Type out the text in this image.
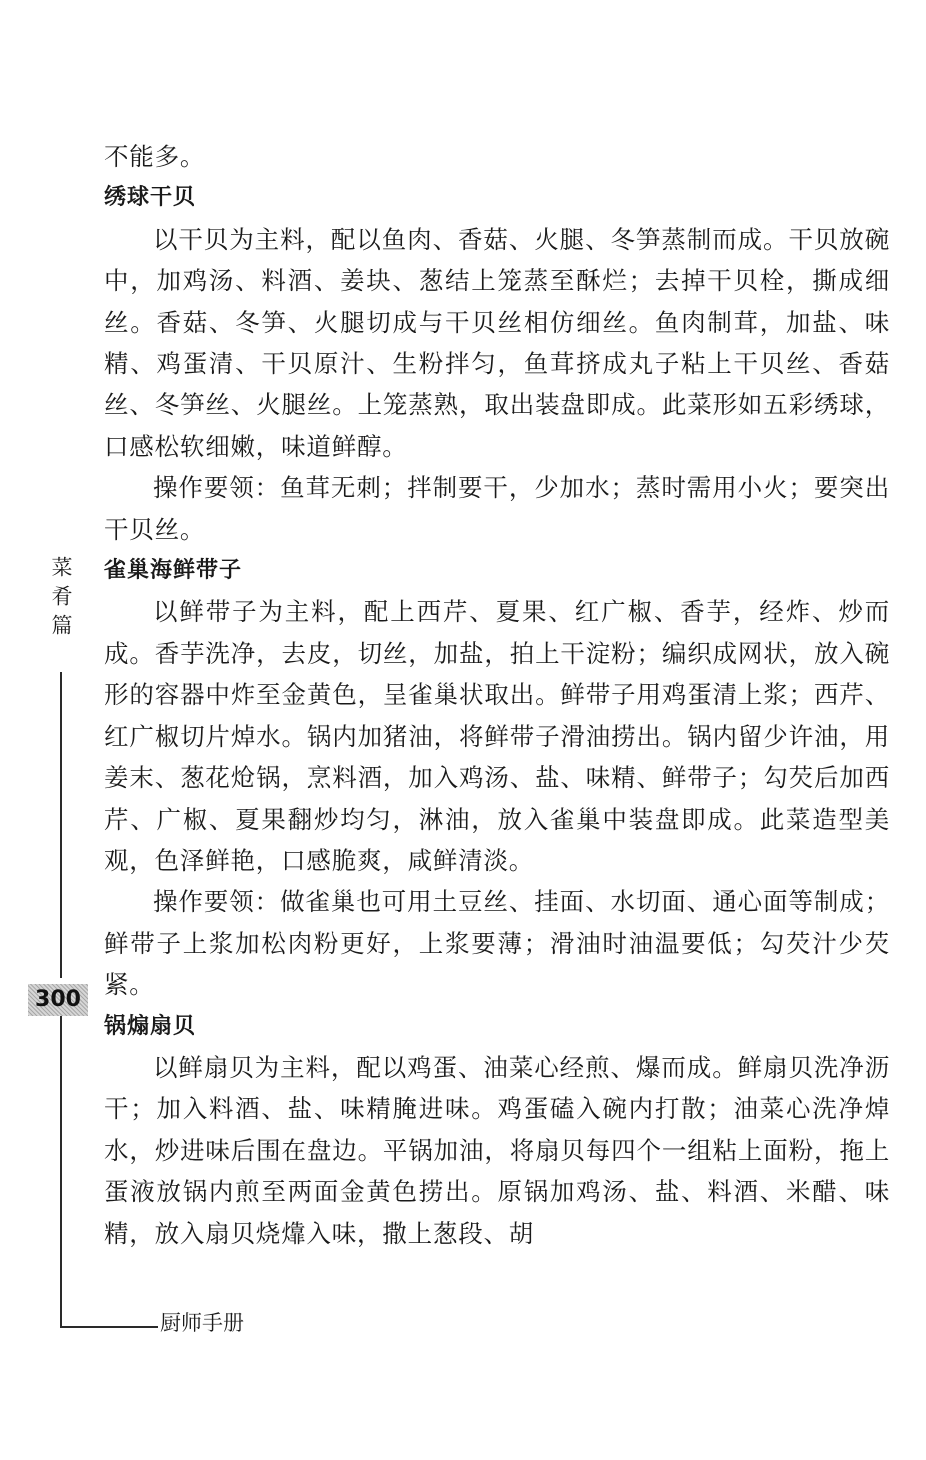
不能多。

绣球干贝

以干贝为主料，配以鱼肉、香菇、火腿、冬笋蒸制而成。干贝放碗中，加鸡汤、料酒、姜块、葱结上笼蒸至酥烂；去掉干贝栓，撕成细丝。香菇、冬笋、火腿切成与干贝丝相仿细丝。鱼肉制茸，加盐、味精、鸡蛋清、干贝原汁、生粉拌匀，鱼茸挤成丸子粘上干贝丝、香菇丝、冬笋丝、火腿丝。上笼蒸熟，取出装盘即成。此菜形如五彩绣球，口感松软细嫩，味道鲜醇。

操作要领：鱼茸无刺；拌制要干，少加水；蒸时需用小火；要突出干贝丝。

雀巢海鲜带子

以鲜带子为主料，配上西芹、夏果、红广椒、香芋，经炸、炒而成。香芋洗净，去皮，切丝，加盐，拍上干淀粉；编织成网状，放入碗形的容器中炸至金黄色，呈雀巢状取出。鲜带子用鸡蛋清上浆；西芹、红广椒切片焯水。锅内加猪油，将鲜带子滑油捞出。锅内留少许油，用姜末、葱花炝锅，烹料酒，加入鸡汤、盐、味精、鲜带子；勾芡后加西芹、广椒、夏果翻炒均匀，淋油，放入雀巢中装盘即成。此菜造型美观，色泽鲜艳，口感脆爽，咸鲜清淡。

操作要领：做雀巢也可用土豆丝、挂面、水切面、通心面等制成；鲜带子上浆加松肉粉更好，上浆要薄；滑油时油温要低；勾芡汁少芡紧。

锅煽扇贝

以鲜扇贝为主料，配以鸡蛋、油菜心经煎、爆而成。鲜扇贝洗净沥干；加入料酒、盐、味精腌进味。鸡蛋磕入碗内打散；油菜心洗净焯水，炒进味后围在盘边。平锅加油，将扇贝每四个一组粘上面粉，拖上蛋液放锅内煎至两面金黄色捞出。原锅加鸡汤、盐、料酒、米醋、味精，放入扇贝烧㸆入味，撒上葱段、胡

菜肴篇
300
厨师手册
